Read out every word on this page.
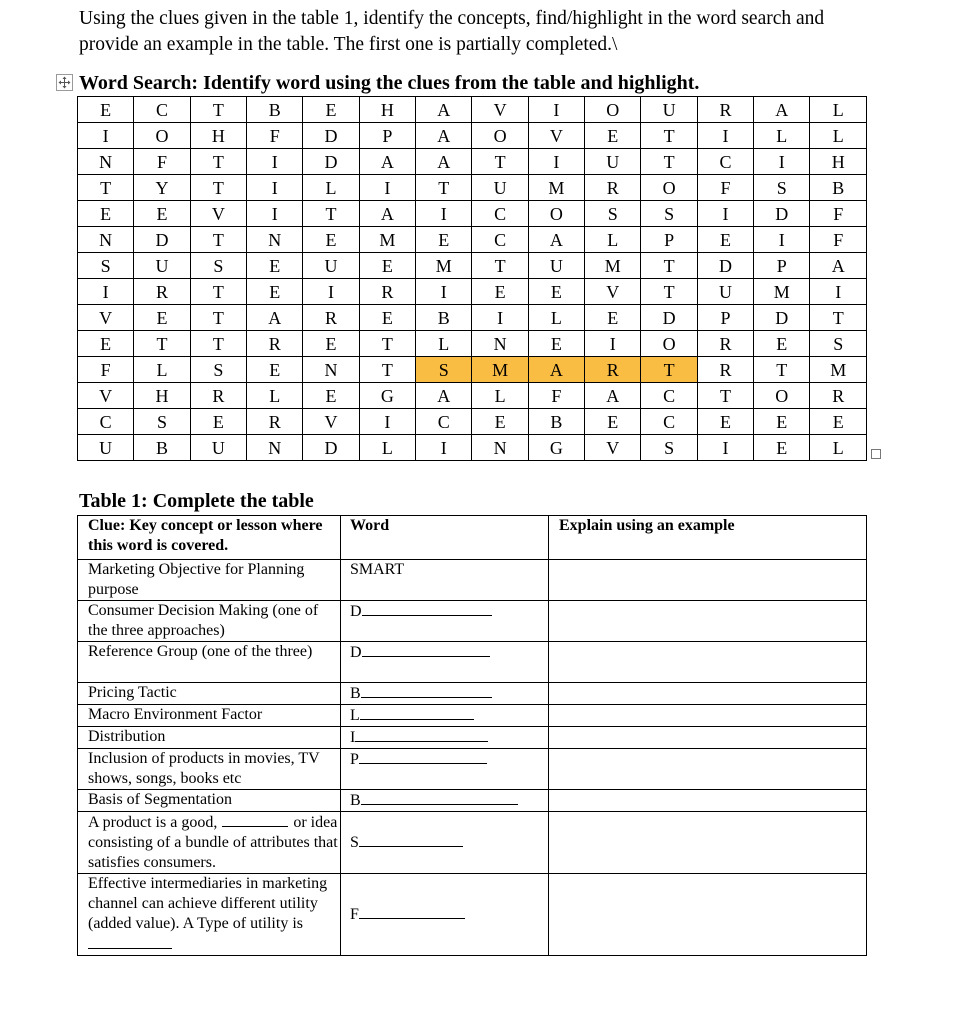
Using the clues given in the table 1, identify the concepts, find/highlight in the word search and provide an example in the table. The first one is partially completed.\
Word Search: Identify word using the clues from the table and highlight.
E	C	T	B	E	H	A	V	I	O	U	R	A	L
I	O	H	F	D	P	A	O	V	E	T	I	L	L
N	F	T	I	D	A	A	T	I	U	T	C	I	H
T	Y	T	I	L	I	T	U	M	R	O	F	S	B
E	E	V	I	T	A	I	C	O	S	S	I	D	F
N	D	T	N	E	M	E	C	A	L	P	E	I	F
S	U	S	E	U	E	M	T	U	M	T	D	P	A
I	R	T	E	I	R	I	E	E	V	T	U	M	I
V	E	T	A	R	E	B	I	L	E	D	P	D	T
E	T	T	R	E	T	L	N	E	I	O	R	E	S
F	L	S	E	N	T	S	M	A	R	T	R	T	M
V	H	R	L	E	G	A	L	F	A	C	T	O	R
C	S	E	R	V	I	C	E	B	E	C	E	E	E
U	B	U	N	D	L	I	N	G	V	S	I	E	L
Table 1: Complete the table
Clue: Key concept or lesson where this word is covered.	Word	Explain using an example
Marketing Objective for Planning purpose	SMART	
Consumer Decision Making (one of the three approaches)	D	
Reference Group (one of the three)	D	
Pricing Tactic	B	
Macro Environment Factor	L	
Distribution	I	
Inclusion of products in movies, TV shows, songs, books etc	P	
Basis of Segmentation	B	
A product is a good, or idea consisting of a bundle of attributes that satisfies consumers.	S	
Effective intermediaries in marketing channel can achieve different utility (added value). A Type of utility is	F	
